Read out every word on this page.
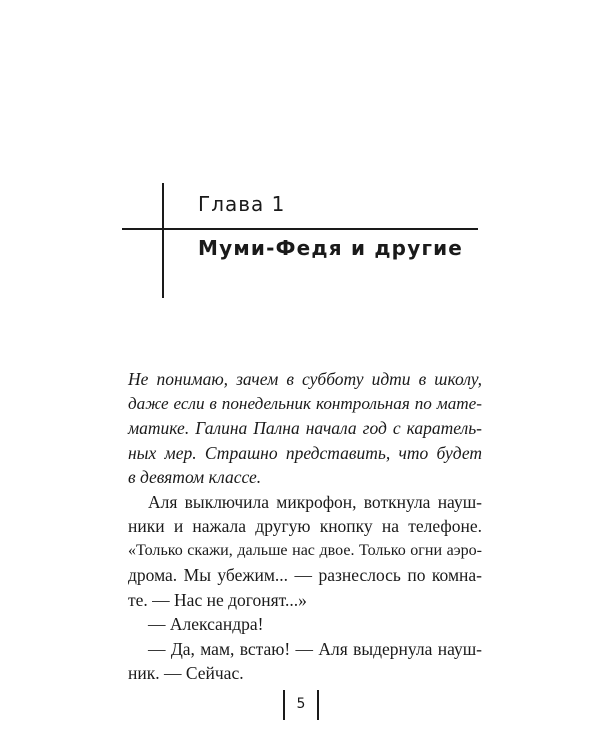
Глава 1
Муми-Федя и другие
Не понимаю, зачем в субботу идти в школу,
даже если в понедельник контрольная по мате-
матике. Галина Пална начала год с каратель-
ных мер. Страшно представить, что будет
в девятом классе.
Аля выключила микрофон, воткнула науш-
ники и нажала другую кнопку на телефоне.
«Только скажи, дальше нас двое. Только огни аэро-
дрома. Мы убежим... — разнеслось по комна-
те. — Нас не догонят...»
— Александра!
— Да, мам, встаю! — Аля выдернула науш-
ник. — Сейчас.
5
